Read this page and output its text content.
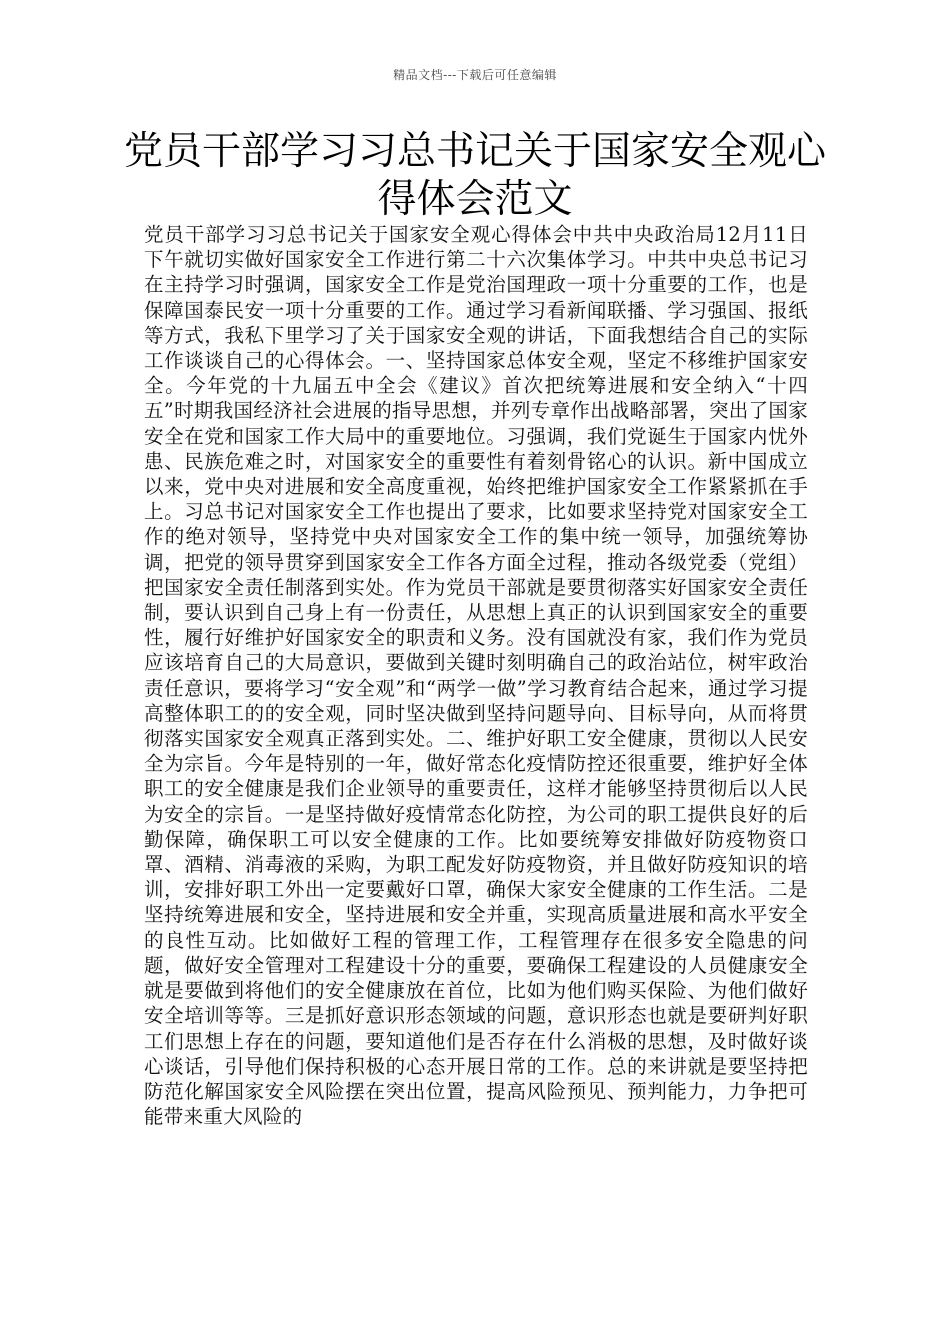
精品文档---下载后可任意编辑
党员干部学习习总书记关于国家安全观心得体会范文

党员干部学习习总书记关于国家安全观心得体会中共中央政治局12月11日下午就切实做好国家安全工作进行第二十六次集体学习。中共中央总书记习在主持学习时强调，国家安全工作是党治国理政一项十分重要的工作，也是保障国泰民安一项十分重要的工作。通过学习看新闻联播、学习强国、报纸等方式，我私下里学习了关于国家安全观的讲话，下面我想结合自己的实际工作谈谈自己的心得体会。一、坚持国家总体安全观，坚定不移维护国家安全。今年党的十九届五中全会《建议》首次把统筹进展和安全纳入“十四五”时期我国经济社会进展的指导思想，并列专章作出战略部署，突出了国家安全在党和国家工作大局中的重要地位。习强调，我们党诞生于国家内忧外患、民族危难之时，对国家安全的重要性有着刻骨铭心的认识。新中国成立以来，党中央对进展和安全高度重视，始终把维护国家安全工作紧紧抓在手上。习总书记对国家安全工作也提出了要求，比如要求坚持党对国家安全工作的绝对领导，坚持党中央对国家安全工作的集中统一领导，加强统筹协调，把党的领导贯穿到国家安全工作各方面全过程，推动各级党委（党组）把国家安全责任制落到实处。作为党员干部就是要贯彻落实好国家安全责任制，要认识到自己身上有一份责任，从思想上真正的认识到国家安全的重要性，履行好维护好国家安全的职责和义务。没有国就没有家，我们作为党员应该培育自己的大局意识，要做到关键时刻明确自己的政治站位，树牢政治责任意识，要将学习“安全观”和“两学一做”学习教育结合起来，通过学习提高整体职工的的安全观，同时坚决做到坚持问题导向、目标导向，从而将贯彻落实国家安全观真正落到实处。二、维护好职工安全健康，贯彻以人民安全为宗旨。今年是特别的一年，做好常态化疫情防控还很重要，维护好全体职工的安全健康是我们企业领导的重要责任，这样才能够坚持贯彻后以人民为安全的宗旨。一是坚持做好疫情常态化防控，为公司的职工提供良好的后勤保障，确保职工可以安全健康的工作。比如要统筹安排做好防疫物资口罩、酒精、消毒液的采购，为职工配发好防疫物资，并且做好防疫知识的培训，安排好职工外出一定要戴好口罩，确保大家安全健康的工作生活。二是坚持统筹进展和安全，坚持进展和安全并重，实现高质量进展和高水平安全的良性互动。比如做好工程的管理工作，工程管理存在很多安全隐患的问题，做好安全管理对工程建设十分的重要，要确保工程建设的人员健康安全就是要做到将他们的安全健康放在首位，比如为他们购买保险、为他们做好安全培训等等。三是抓好意识形态领域的问题，意识形态也就是要研判好职工们思想上存在的问题，要知道他们是否存在什么消极的思想，及时做好谈心谈话，引导他们保持积极的心态开展日常的工作。总的来讲就是要坚持把防范化解国家安全风险摆在突出位置，提高风险预见、预判能力，力争把可能带来重大风险的
